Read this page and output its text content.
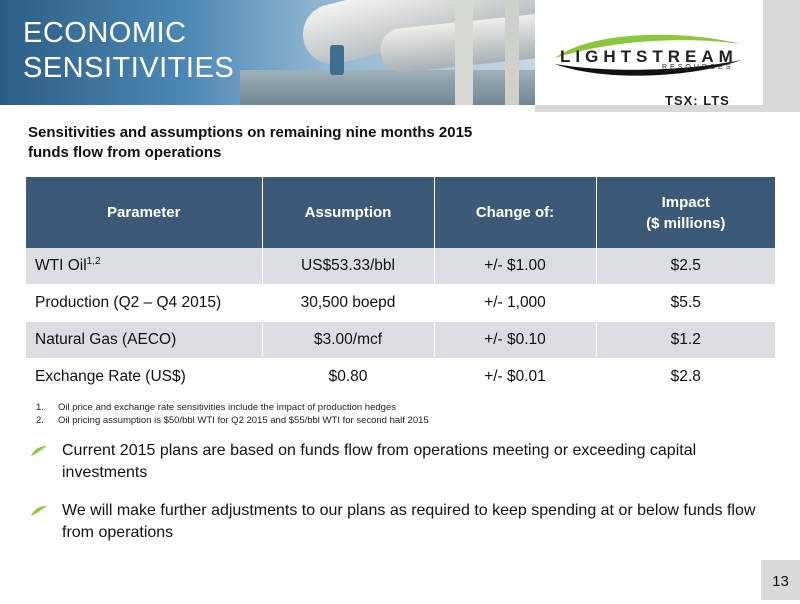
ECONOMIC
SENSITIVITIES	LIGHTSTREAM
RESOURCES
TSX: LTS

Sensitivities and assumptions on remaining nine months 2015
funds flow from operations

Parameter	Assumption	Change of:	Impact
($ millions)
WTI Oil$^{1,2}$	US$53.33/bbl	+/- $1.00	$2.5
Production (Q2 – Q4 2015)	30,500 boepd	+/- 1,000	$5.5
Natural Gas (AECO)	$3.00/mcf	+/- $0.10	$1.2
Exchange Rate (US$)	$0.80	+/- $0.01	$2.8
1. Oil price and exchange rate sensitivities include the impact of production hedges
2. Oil pricing assumption is $50/bbl WTI for Q2 2015 and $55/bbl WTI for second half 2015
Current 2015 plans are based on funds flow from operations meeting or exceeding capital investments
We will make further adjustments to our plans as required to keep spending at or below funds flow from operations
13
